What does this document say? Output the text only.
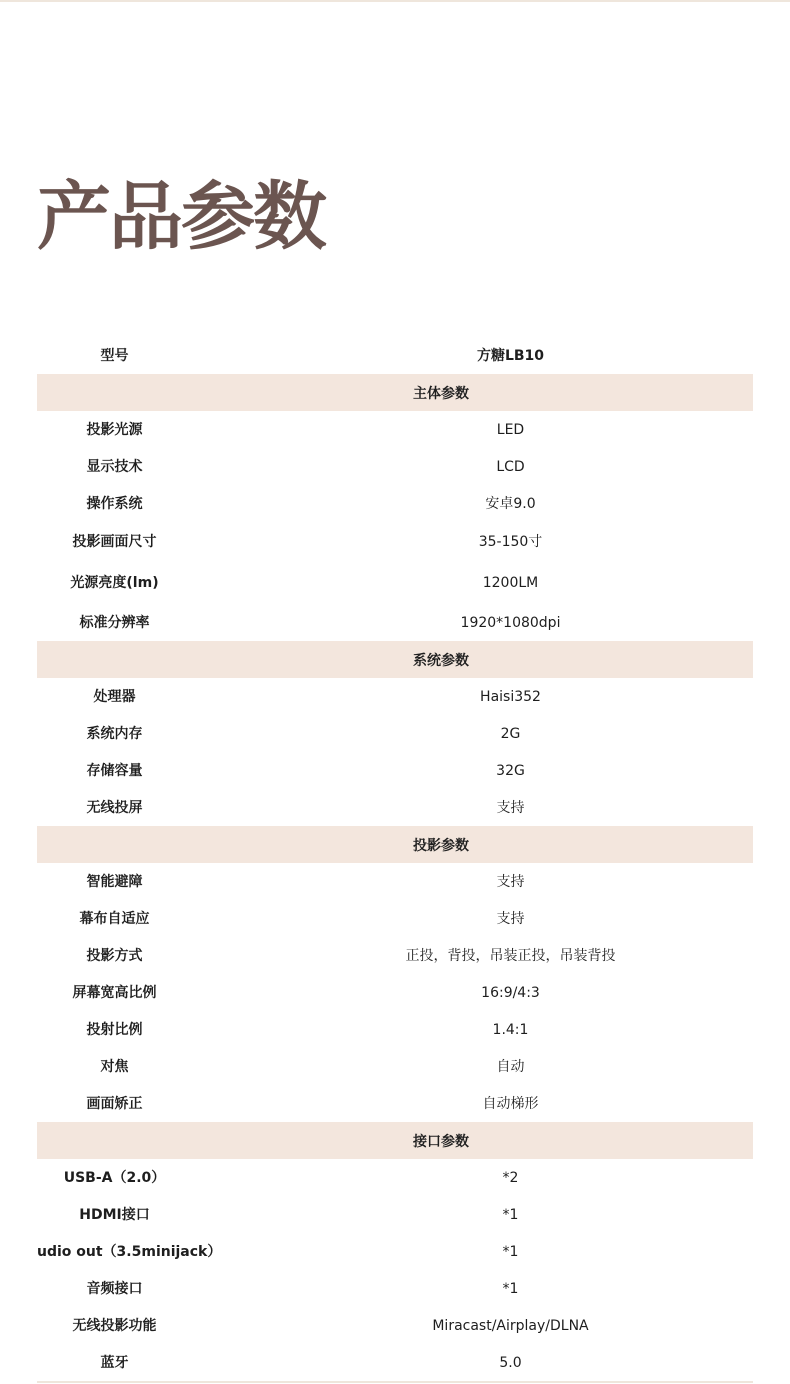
产品参数
型号	方糖LB10
主体参数
投影光源	LED
显示技术	LCD
操作系统	安卓9.0
投影画面尺寸	35-150寸
光源亮度(lm)	1200LM
标准分辨率	1920*1080dpi
系统参数
处理器	Haisi352
系统内存	2G
存储容量	32G
无线投屏	支持
投影参数
智能避障	支持
幕布自适应	支持
投影方式	正投，背投，吊装正投，吊装背投
屏幕宽高比例	16:9/4:3
投射比例	1.4:1
对焦	自动
画面矫正	自动梯形
接口参数
USB-A（2.0）	*2
HDMI接口	*1
udio out（3.5minijack）	*1
音频接口	*1
无线投影功能	Miracast/Airplay/DLNA
蓝牙	5.0
